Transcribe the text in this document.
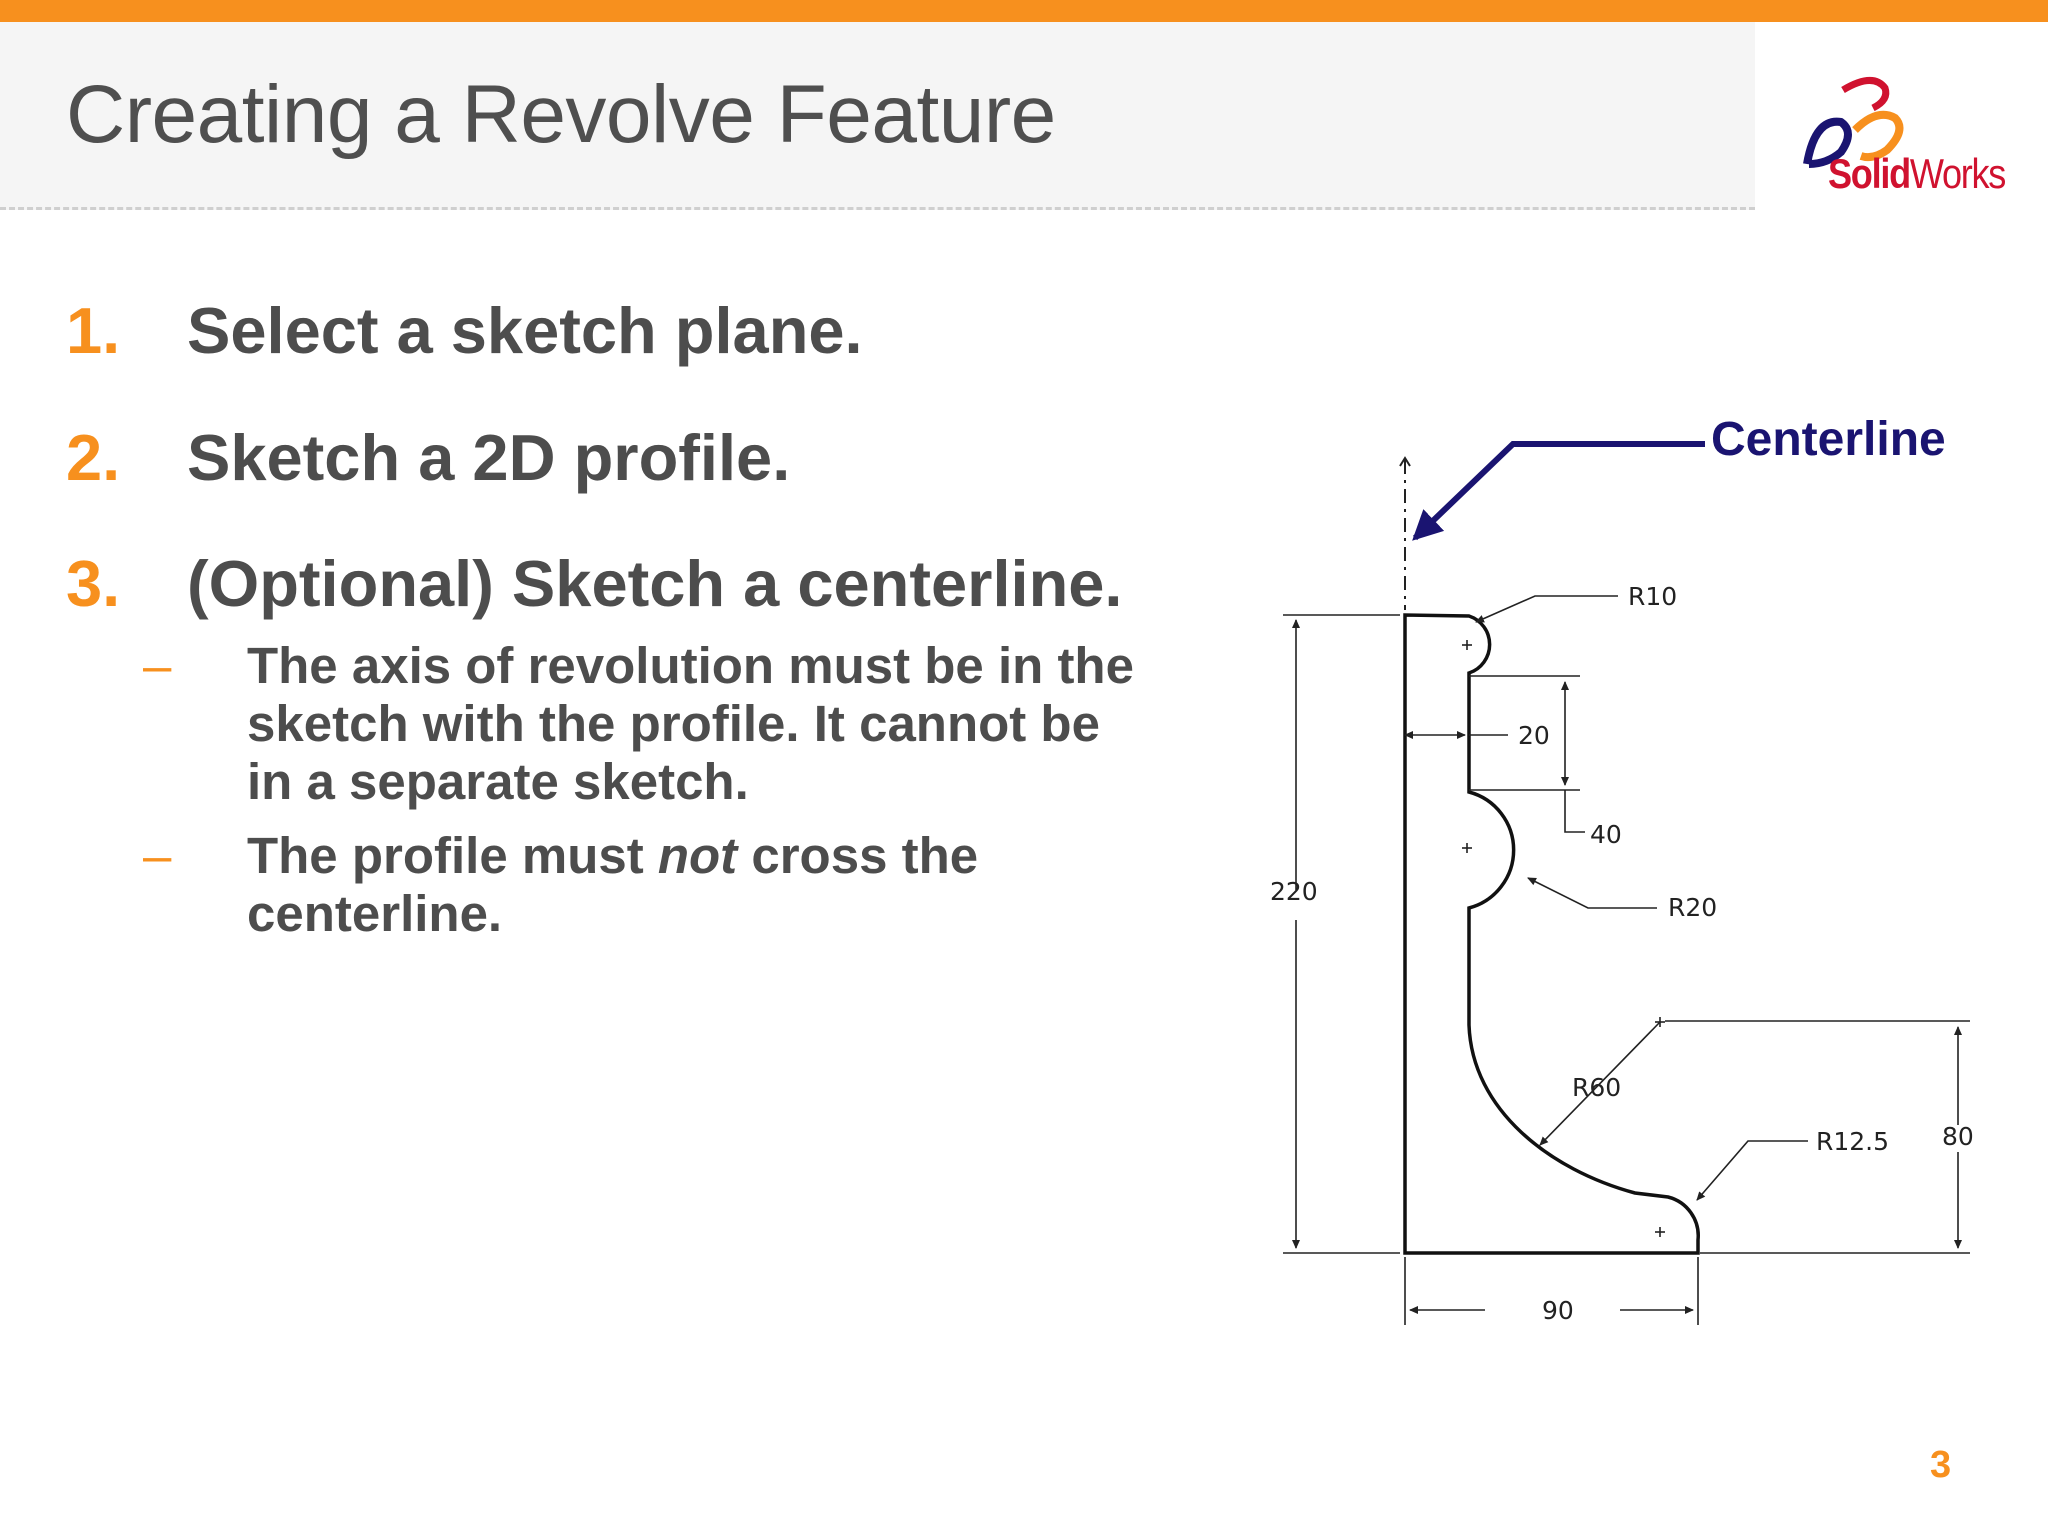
Creating a Revolve Feature
SolidWorks
1. Select a sketch plane.
2. Sketch a 2D profile.
3. (Optional) Sketch a centerline.
– The axis of revolution must be in the
sketch with the profile. It cannot be
in a separate sketch.
– The profile must not cross the
centerline.
Centerline
220
20
40
R10
R20
R60
R12.5 80
90
3
